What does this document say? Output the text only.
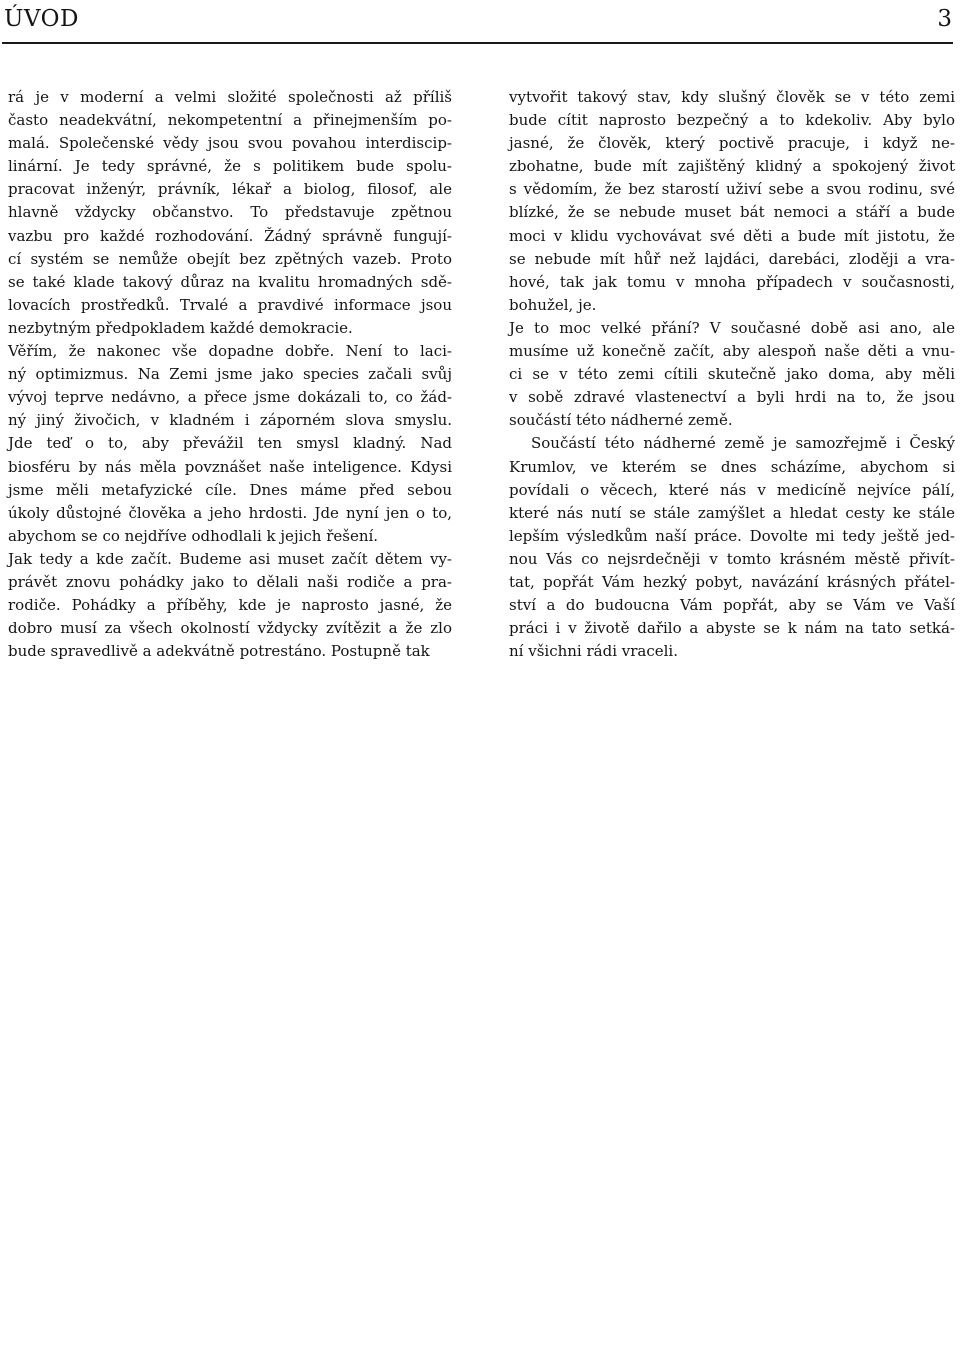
ÚVOD	3
rá je v moderní a velmi složité společnosti až příliš
často neadekvátní, nekompetentní a přinejmenším po-
malá. Společenské vědy jsou svou povahou interdiscip-
linární. Je tedy správné, že s politikem bude spolu-
pracovat inženýr, právník, lékař a biolog, filosof, ale
hlavně vždycky občanstvo. To představuje zpětnou
vazbu pro každé rozhodování. Žádný správně fungují-
cí systém se nemůže obejít bez zpětných vazeb. Proto
se také klade takový důraz na kvalitu hromadných sdě-
lovacích prostředků. Trvalé a pravdivé informace jsou
nezbytným předpokladem každé demokracie.
Věřím, že nakonec vše dopadne dobře. Není to laci-
ný optimizmus. Na Zemi jsme jako species začali svůj
vývoj teprve nedávno, a přece jsme dokázali to, co žád-
ný jiný živočich, v kladném i záporném slova smyslu.
Jde teď o to, aby převážil ten smysl kladný. Nad
biosféru by nás měla povznášet naše inteligence. Kdysi
jsme měli metafyzické cíle. Dnes máme před sebou
úkoly důstojné člověka a jeho hrdosti. Jde nyní jen o to,
abychom se co nejdříve odhodlali k jejich řešení.
Jak tedy a kde začít. Budeme asi muset začít dětem vy-
právět znovu pohádky jako to dělali naši rodiče a pra-
rodiče. Pohádky a příběhy, kde je naprosto jasné, že
dobro musí za všech okolností vždycky zvítězit a že zlo
bude spravedlivě a adekvátně potrestáno. Postupně tak
vytvořit takový stav, kdy slušný člověk se v této zemi
bude cítit naprosto bezpečný a to kdekoliv. Aby bylo
jasné, že člověk, který poctivě pracuje, i když ne-
zbohatne, bude mít zajištěný klidný a spokojený život
s vědomím, že bez starostí uživí sebe a svou rodinu, své
blízké, že se nebude muset bát nemoci a stáří a bude
moci v klidu vychovávat své děti a bude mít jistotu, že
se nebude mít hůř než lajdáci, darebáci, zloději a vra-
hové, tak jak tomu v mnoha případech v současnosti,
bohužel, je.
Je to moc velké přání? V současné době asi ano, ale
musíme už konečně začít, aby alespoň naše děti a vnu-
ci se v této zemi cítili skutečně jako doma, aby měli
v sobě zdravé vlastenectví a byli hrdi na to, že jsou
součástí této nádherné země.
Součástí této nádherné země je samozřejmě i Český
Krumlov, ve kterém se dnes scházíme, abychom si
povídali o věcech, které nás v medicíně nejvíce pálí,
které nás nutí se stále zamýšlet a hledat cesty ke stále
lepším výsledkům naší práce. Dovolte mi tedy ještě jed-
nou Vás co nejsrdečněji v tomto krásném městě přivít-
tat, popřát Vám hezký pobyt, navázání krásných přátel-
ství a do budoucna Vám popřát, aby se Vám ve Vaší
práci i v životě dařilo a abyste se k nám na tato setká-
ní všichni rádi vraceli.
